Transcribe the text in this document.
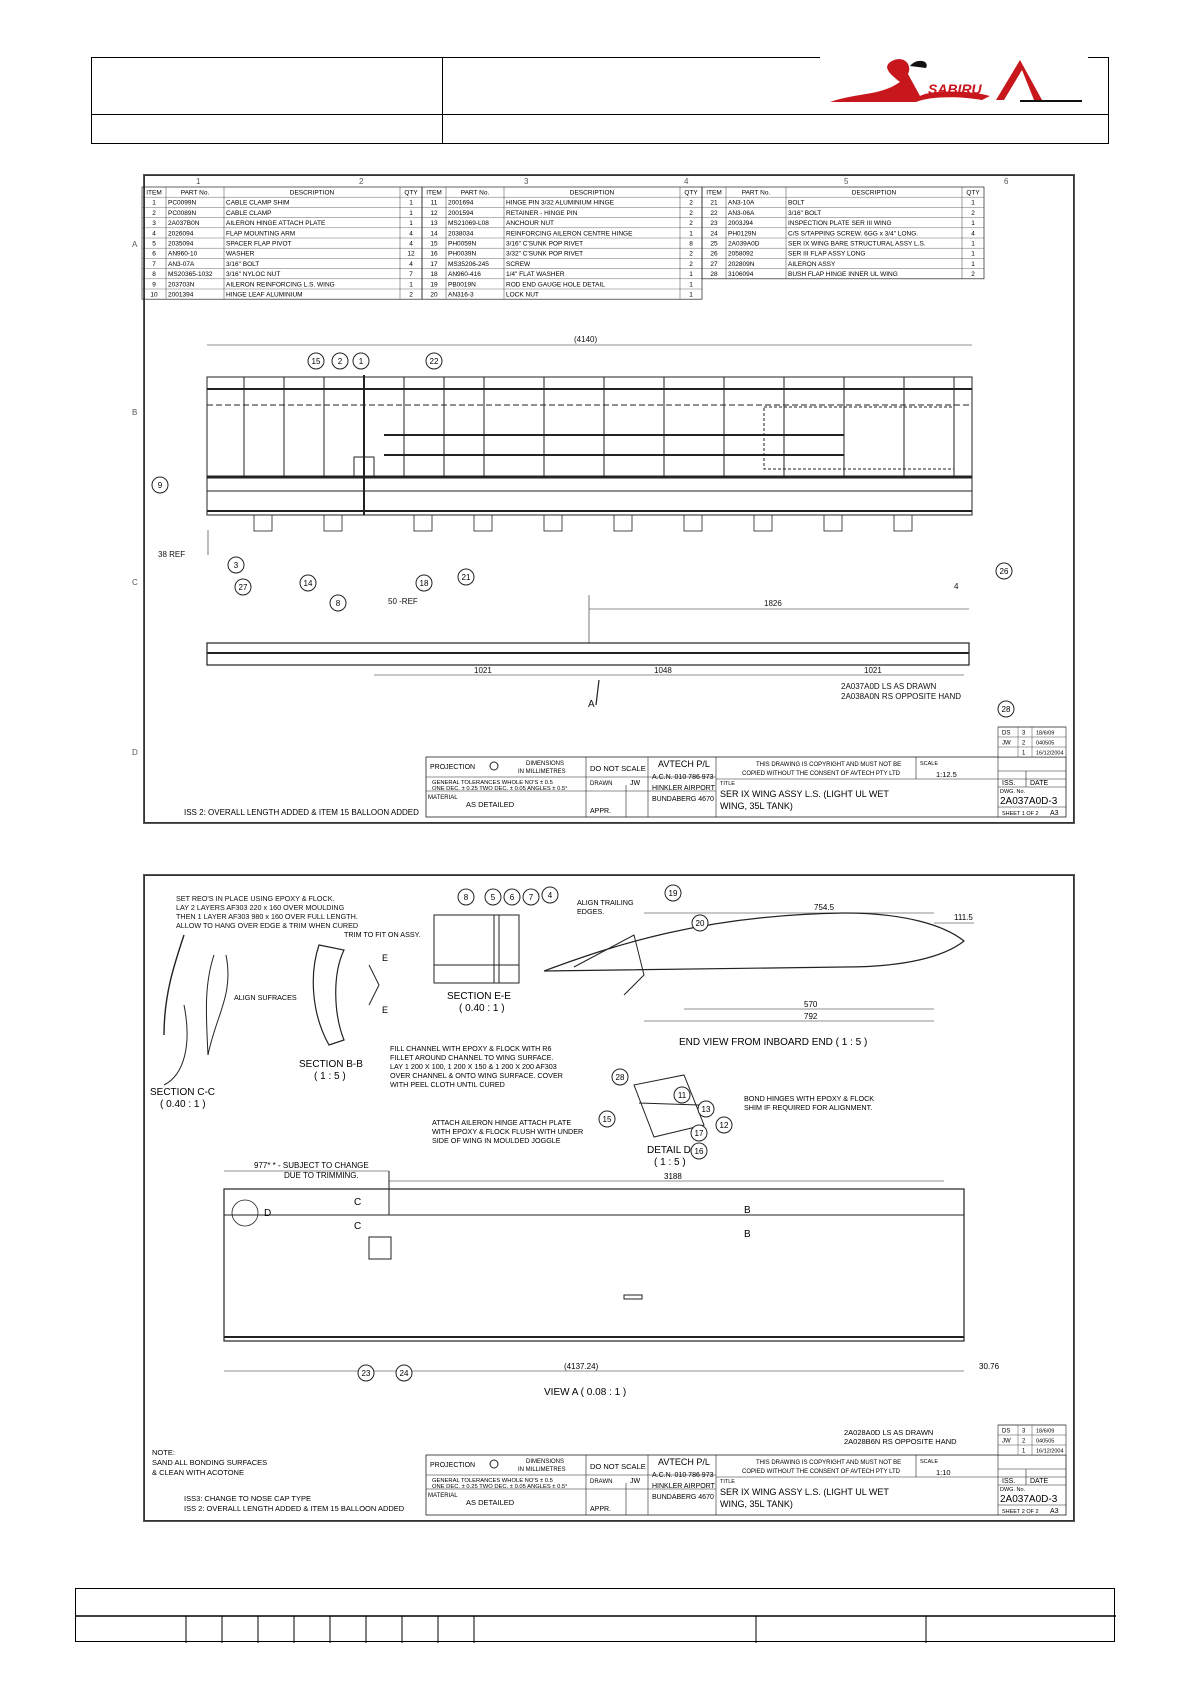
SABIRU
1	2	3	4	5	6
A
B
C
D
ITEM	PART No.	DESCRIPTION	QTY
1 PC0099N	CABLE CLAMP SHIM	1
2 PC0089N	CABLE CLAMP	1
3 2A037B0N	AILERON HINGE ATTACH PLATE	1
4 2026094	FLAP MOUNTING ARM	4
5 2035094	SPACER FLAP PIVOT	4
6 AN960-10	WASHER	12
7 AN3-07A	3/16" BOLT	4
8 MS20365-1032 3/16" NYLOC NUT	7
9 203703N	AILERON REINFORCING L.S. WING	1
10 2001394	HINGE LEAF ALUMINIUM	2
ITEM	PART No.	DESCRIPTION	QTY
11 2001694	HINGE PIN 3/32 ALUMINIUM HINGE	2
12 2001594	RETAINER - HINGE PIN	2
13 MS21069-L08	ANCHOUR NUT	2
14 2038034	REINFORCING AILERON CENTRE HINGE	1
15 PH0059N	3/16" C'SUNK POP RIVET	8
16 PH0039N	3/32" C'SUNK POP RIVET	2
17 MS35206-245	SCREW	2
18 AN960-416	1/4" FLAT WASHER	1
19 PB0019N	ROD END GAUGE HOLE DETAIL	1
20 AN316-3	LOCK NUT	1
ITEM	PART No.	DESCRIPTION	QTY
21 AN3-10A	BOLT	1
22 AN3-06A	3/16" BOLT	2
23 2003J94	INSPECTION PLATE SER III WING	1
24 PH0129N	C/S S/TAPPING SCREW. 6GG x 3/4" LONG.	4
25 2A039A0D	SER IX WING BARE STRUCTURAL ASSY L.S.	1
26 2058092	SER III FLAP ASSY LONG	1
27 202809N	AILERON ASSY	1
28 3106094	BUSH FLAP HINGE INNER UL WING	2
(4140)
38 REF
50 -REF	1826
4
1021	1048	1021
A
2A037A0D LS AS DRAWN
2A038A0N RS OPPOSITE HAND
15 2 1	22
9
3
27	14
8
18
21
26
28
ISS 2: OVERALL LENGTH ADDED & ITEM 15 BALLOON ADDED
PROJECTION	DIMENSIONS
IN MILLIMETRES	DO NOT SCALE
GENERAL TOLERANCES WHOLE NO'S ± 0.5
ONE DEC. ± 0.25 TWO DEC. ± 0.05 ANGLES ± 0.5°
DRAWN	JW
MATERIAL
AS DETAILED
APPR.
AVTECH P/L
A.C.N. 010 786 973
HINKLER AIRPORT
BUNDABERG 4670
THIS DRAWING IS COPYRIGHT AND MUST NOT BE
COPIED WITHOUT THE CONSENT OF AVTECH PTY LTD
TITLE
SER IX WING ASSY L.S. (LIGHT UL WET
WING, 35L TANK)
SCALE
1:12.5
ISS. DATE
DWG. No.
2A037A0D-3
SHEET 1 OF 2 A3
DS 3 18/6/09
JW 2 040505
1 16/12/2004
SET REO'S IN PLACE USING EPOXY & FLOCK.
LAY 2 LAYERS AF303 220 x 160 OVER MOULDING
THEN 1 LAYER AF303 980 x 160 OVER FULL LENGTH.
ALLOW TO HANG OVER EDGE & TRIM WHEN CURED
ALIGN SUFRACES
SECTION C-C
( 0.40 : 1 )
TRIM TO FIT ON ASSY.
E
E
SECTION B-B
( 1 : 5 )
FILL CHANNEL WITH EPOXY & FLOCK WITH R6
FILLET AROUND CHANNEL TO WING SURFACE.
LAY 1 200 X 100, 1 200 X 150 & 1 200 X 200 AF303
OVER CHANNEL & ONTO WING SURFACE. COVER
WITH PEEL CLOTH UNTIL CURED
SECTION E-E
( 0.40 : 1 )
ALIGN TRAILING
EDGES.	754.5
111.5
570
792
END VIEW FROM INBOARD END ( 1 : 5 )
BOND HINGES WITH EPOXY & FLOCK
SHIM IF REQUIRED FOR ALIGNMENT.
DETAIL D
( 1 : 5 )
ATTACH AILERON HINGE ATTACH PLATE
WITH EPOXY & FLOCK FLUSH WITH UNDER
SIDE OF WING IN MOULDED JOGGLE
977* * - SUBJECT TO CHANGE
DUE TO TRIMMING.	3188
(4137.24)	30.76
D
C
C
B
B
VIEW A ( 0.08 : 1 )
8	5 6 7 4	19
20
28
15
11
13
12
17
16
23	24
2A028A0D LS AS DRAWN
2A028B6N RS OPPOSITE HAND
NOTE:
SAND ALL BONDING SURFACES
& CLEAN WITH ACOTONE
ISS3: CHANGE TO NOSE CAP TYPE
ISS 2: OVERALL LENGTH ADDED & ITEM 15 BALLOON ADDED
PROJECTION	DIMENSIONS
IN MILLIMETRES	DO NOT SCALE
GENERAL TOLERANCES WHOLE NO'S ± 0.5
ONE DEC. ± 0.25 TWO DEC. ± 0.05 ANGLES ± 0.5°
DRAWN	JW
MATERIAL
AS DETAILED
APPR.
AVTECH P/L
A.C.N. 010 786 973
HINKLER AIRPORT
BUNDABERG 4670
THIS DRAWING IS COPYRIGHT AND MUST NOT BE
COPIED WITHOUT THE CONSENT OF AVTECH PTY LTD
TITLE
SER IX WING ASSY L.S. (LIGHT UL WET
WING, 35L TANK)
SCALE
1:10
ISS. DATE
DWG. No.
2A037A0D-3
SHEET 2 OF 2 A3
DS 3 18/6/09
JW 2 040505
1 16/12/2004
